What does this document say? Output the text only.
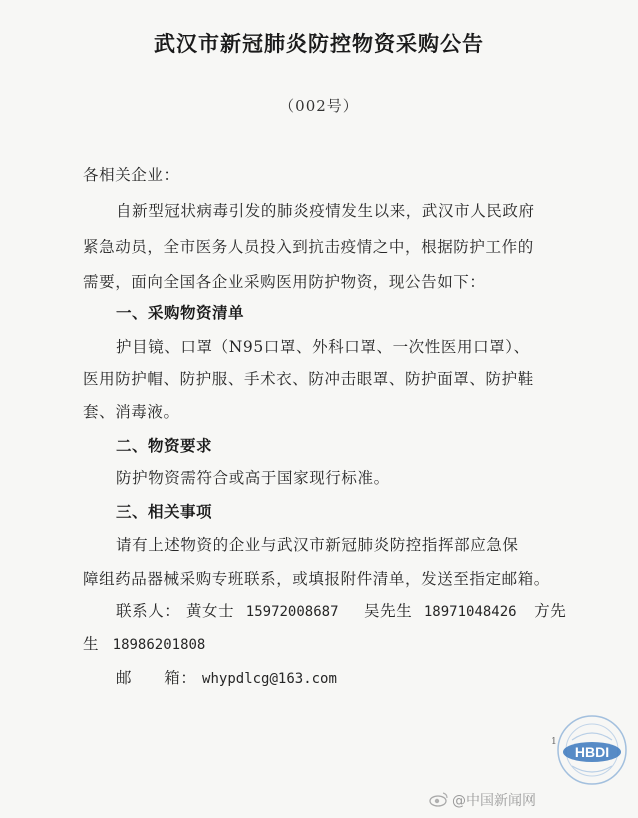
武汉市新冠肺炎防控物资采购公告
（002号）
各相关企业：
自新型冠状病毒引发的肺炎疫情发生以来，武汉市人民政府
紧急动员，全市医务人员投入到抗击疫情之中，根据防护工作的
需要，面向全国各企业采购医用防护物资，现公告如下：
一、采购物资清单
护目镜、口罩（N95口罩、外科口罩、一次性医用口罩）、
医用防护帽、防护服、手术衣、防冲击眼罩、防护面罩、防护鞋
套、消毒液。
二、物资要求
防护物资需符合或高于国家现行标准。
三、相关事项
请有上述物资的企业与武汉市新冠肺炎防控指挥部应急保
障组药品器械采购专班联系，或填报附件清单，发送至指定邮箱。
联系人： 黄女士 15972008687 吴先生 18971048426 方先
生 18986201808
邮　　箱： whypdlcg@163.com
1
HBDI
@中国新闻网
